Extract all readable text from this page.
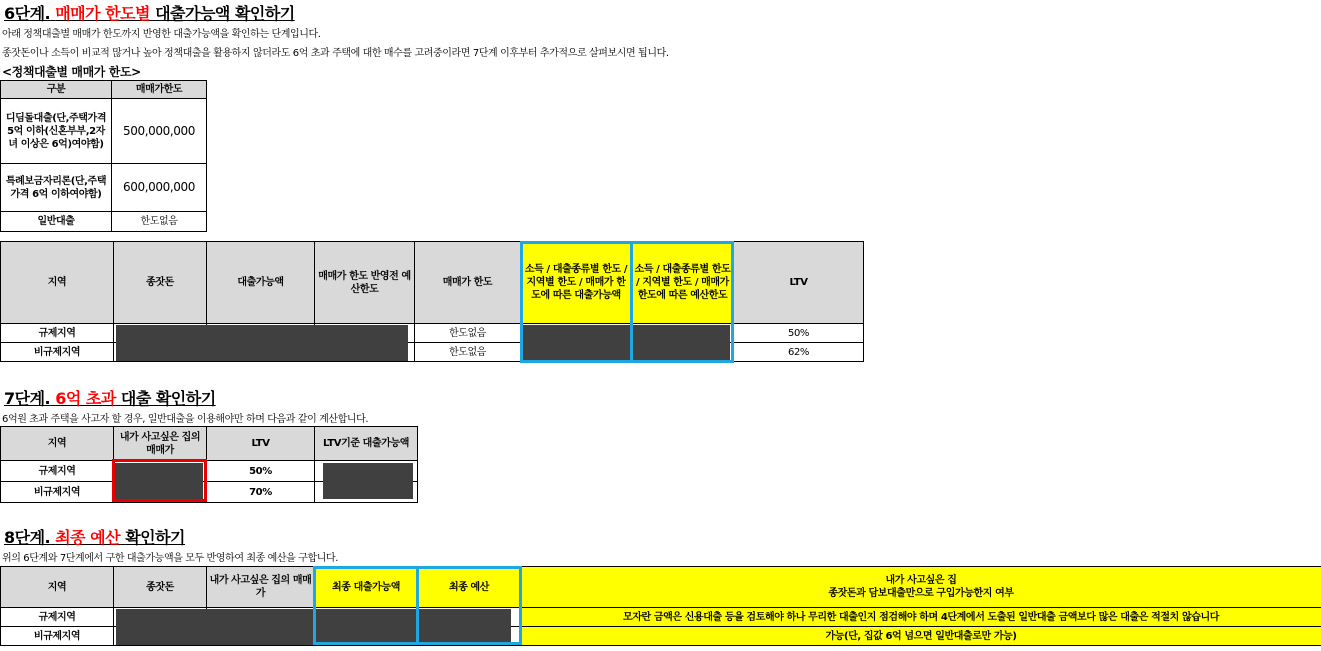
6단계. 매매가 한도별 대출가능액 확인하기
아래 정책대출별 매매가 한도까지 반영한 대출가능액을 확인하는 단계입니다.
종잣돈이나 소득이 비교적 많거나 높아 정책대출을 활용하지 않더라도 6억 초과 주택에 대한 매수를 고려중이라면 7단계 이후부터 추가적으로 살펴보시면 됩니다.
<정책대출별 매매가 한도>
구분	매매가한도
디딤돌대출(단,주택가격 5억 이하(신혼부부,2자녀 이상은 6억)여야함)	500,000,000
특례보금자리론(단,주택가격 6억 이하여야함)	600,000,000
일반대출	한도없음
지역	종잣돈	대출가능액	매매가 한도 반영전 예산한도	매매가 한도	소득 / 대출종류별 한도 / 지역별 한도 / 매매가 한도에 따른 대출가능액	소득 / 대출종류별 한도 / 지역별 한도 / 매매가 한도에 따른 예산한도	LTV
규제지역				한도없음			50%
비규제지역				한도없음			62%
7단계. 6억 초과 대출 확인하기
6억원 초과 주택을 사고자 할 경우, 일반대출을 이용해야만 하며 다음과 같이 계산합니다.
지역	내가 사고싶은 집의 매매가	LTV	LTV기준 대출가능액
규제지역		50%	
비규제지역		70%	
8단계. 최종 예산 확인하기
위의 6단계와 7단계에서 구한 대출가능액을 모두 반영하여 최종 예산을 구합니다.
지역	종잣돈	내가 사고싶은 집의 매매가	최종 대출가능액	최종 예산	내가 사고싶은 집
종잣돈과 담보대출만으로 구입가능한지 여부

규제지역					모자란 금액은 신용대출 등을 검토해야 하나 무리한 대출인지 점검해야 하며 4단계에서 도출된 일반대출 금액보다 많은 대출은 적절치 않습니다
비규제지역					가능(단, 집값 6억 넘으면 일반대출로만 가능)
